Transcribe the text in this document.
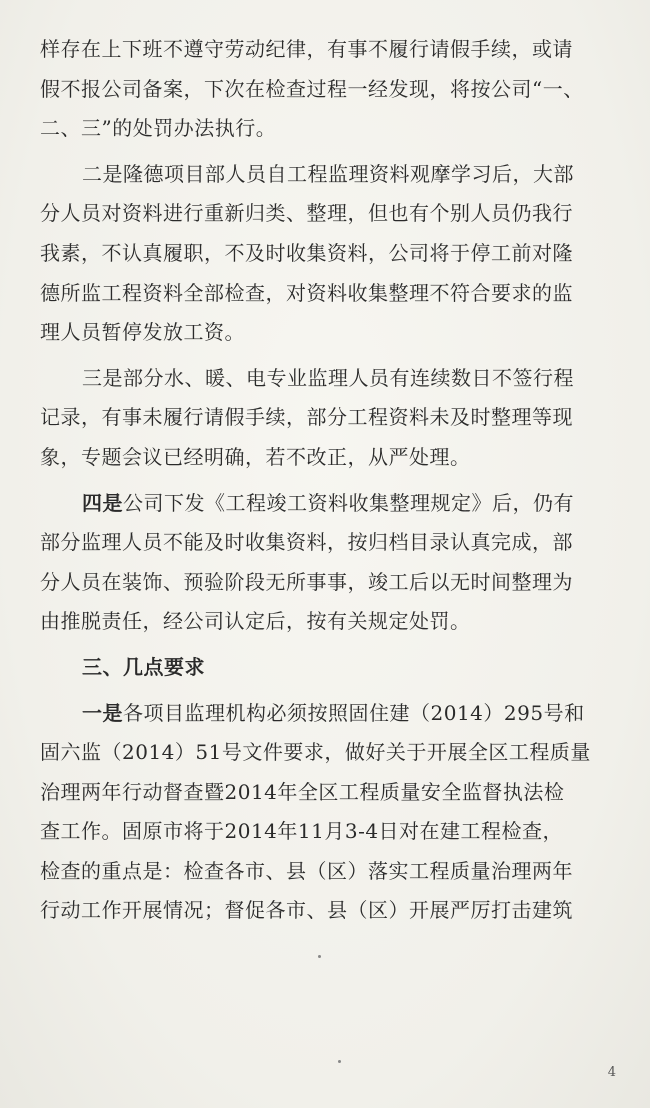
样存在上下班不遵守劳动纪律，有事不履行请假手续，或请
假不报公司备案，下次在检查过程一经发现，将按公司“一、
二、三”的处罚办法执行。
二是隆德项目部人员自工程监理资料观摩学习后，大部
分人员对资料进行重新归类、整理，但也有个别人员仍我行
我素，不认真履职，不及时收集资料，公司将于停工前对隆
德所监工程资料全部检查，对资料收集整理不符合要求的监
理人员暂停发放工资。
三是部分水、暖、电专业监理人员有连续数日不签行程
记录，有事未履行请假手续，部分工程资料未及时整理等现
象，专题会议已经明确，若不改正，从严处理。
四是公司下发《工程竣工资料收集整理规定》后，仍有
部分监理人员不能及时收集资料，按归档目录认真完成，部
分人员在装饰、预验阶段无所事事，竣工后以无时间整理为
由推脱责任，经公司认定后，按有关规定处罚。
三、几点要求
一是各项目监理机构必须按照固住建（2014）295号和
固六监（2014）51号文件要求，做好关于开展全区工程质量
治理两年行动督查暨2014年全区工程质量安全监督执法检
查工作。固原市将于2014年11月3-4日对在建工程检查，
检查的重点是：检查各市、县（区）落实工程质量治理两年
行动工作开展情况；督促各市、县（区）开展严厉打击建筑
4
